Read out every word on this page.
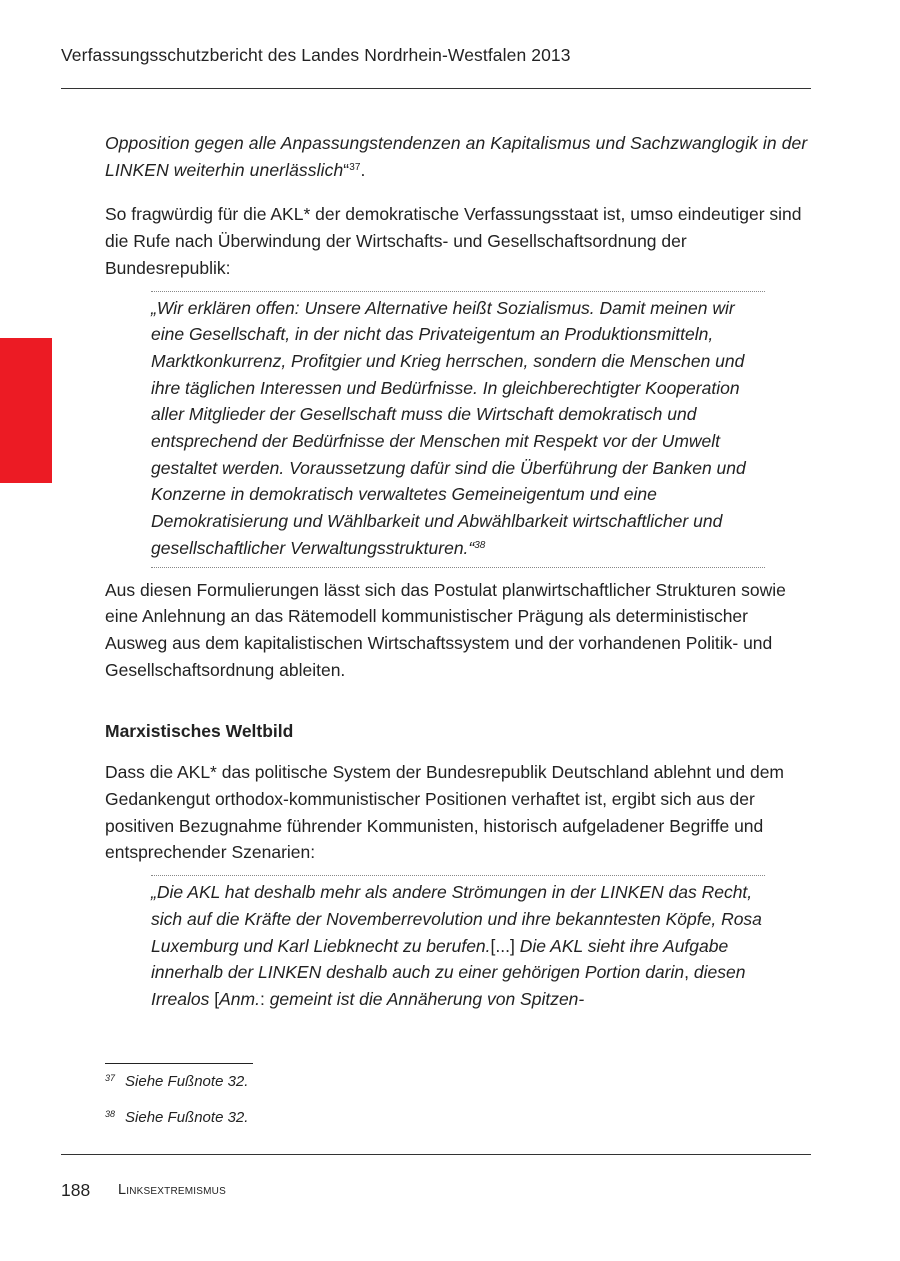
Verfassungsschutzbericht des Landes Nordrhein-Westfalen 2013

Opposition gegen alle Anpassungstendenzen an Kapitalismus und Sachzwanglogik in der LINKEN weiterhin unerlässlich“$^{37}$.

So fragwürdig für die AKL* der demokratische Verfassungsstaat ist, umso eindeutiger sind die Rufe nach Überwindung der Wirtschafts- und Gesellschaftsordnung der Bundesrepublik:

„Wir erklären offen: Unsere Alternative heißt Sozialismus. Damit meinen wir eine Gesellschaft, in der nicht das Privateigentum an Produktionsmitteln, Marktkonkurrenz, Profitgier und Krieg herrschen, sondern die Menschen und ihre täglichen Interessen und Bedürfnisse. In gleichberechtigter Kooperation aller Mitglieder der Gesellschaft muss die Wirtschaft demokratisch und entsprechend der Bedürfnisse der Menschen mit Respekt vor der Umwelt gestaltet werden. Voraussetzung dafür sind die Überführung der Banken und Konzerne in demokratisch verwaltetes Gemeineigentum und eine Demokratisierung und Wählbarkeit und Abwählbarkeit wirtschaftlicher und gesellschaftlicher Verwaltungsstrukturen.“$^{38}$

Aus diesen Formulierungen lässt sich das Postulat planwirtschaftlicher Strukturen sowie eine Anlehnung an das Rätemodell kommunistischer Prägung als deterministischer Ausweg aus dem kapitalistischen Wirtschaftssystem und der vorhandenen Politik- und Gesellschaftsordnung ableiten.

Marxistisches Weltbild

Dass die AKL* das politische System der Bundesrepublik Deutschland ablehnt und dem Gedankengut orthodox-kommunistischer Positionen verhaftet ist, ergibt sich aus der positiven Bezugnahme führender Kommunisten, historisch aufgeladener Begriffe und entsprechender Szenarien:

„Die AKL hat deshalb mehr als andere Strömungen in der LINKEN das Recht, sich auf die Kräfte der Novemberrevolution und ihre bekanntesten Köpfe, Rosa Luxemburg und Karl Liebknecht zu berufen.[...] Die AKL sieht ihre Aufgabe innerhalb der LINKEN deshalb auch zu einer gehörigen Portion darin, diesen Irrealos [Anm.: gemeint ist die Annäherung von Spitzen-

$^{37}$ Siehe Fußnote 32.
$^{38}$ Siehe Fußnote 32.
188 Linksextremismus
